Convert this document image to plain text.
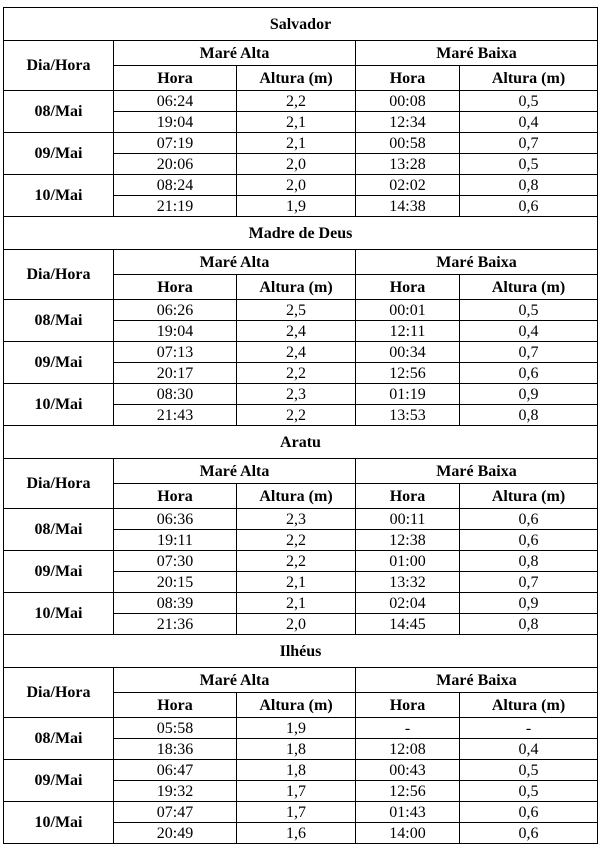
Salvador				
Dia/Hora	Maré Alta		Maré Baixa	
	Hora	Altura (m)	Hora	Altura (m)
08/Mai	06:24	2,2	00:08	0,5
	19:04	2,1	12:34	0,4
09/Mai	07:19	2,1	00:58	0,7
	20:06	2,0	13:28	0,5
10/Mai	08:24	2,0	02:02	0,8
	21:19	1,9	14:38	0,6
Madre de Deus				
Dia/Hora	Maré Alta		Maré Baixa	
	Hora	Altura (m)	Hora	Altura (m)
08/Mai	06:26	2,5	00:01	0,5
	19:04	2,4	12:11	0,4
09/Mai	07:13	2,4	00:34	0,7
	20:17	2,2	12:56	0,6
10/Mai	08:30	2,3	01:19	0,9
	21:43	2,2	13:53	0,8
Aratu				
Dia/Hora	Maré Alta		Maré Baixa	
	Hora	Altura (m)	Hora	Altura (m)
08/Mai	06:36	2,3	00:11	0,6
	19:11	2,2	12:38	0,6
09/Mai	07:30	2,2	01:00	0,8
	20:15	2,1	13:32	0,7
10/Mai	08:39	2,1	02:04	0,9
	21:36	2,0	14:45	0,8
Ilhéus				
Dia/Hora	Maré Alta		Maré Baixa	
	Hora	Altura (m)	Hora	Altura (m)
08/Mai	05:58	1,9	-	-
	18:36	1,8	12:08	0,4
09/Mai	06:47	1,8	00:43	0,5
	19:32	1,7	12:56	0,5
10/Mai	07:47	1,7	01:43	0,6
	20:49	1,6	14:00	0,6
